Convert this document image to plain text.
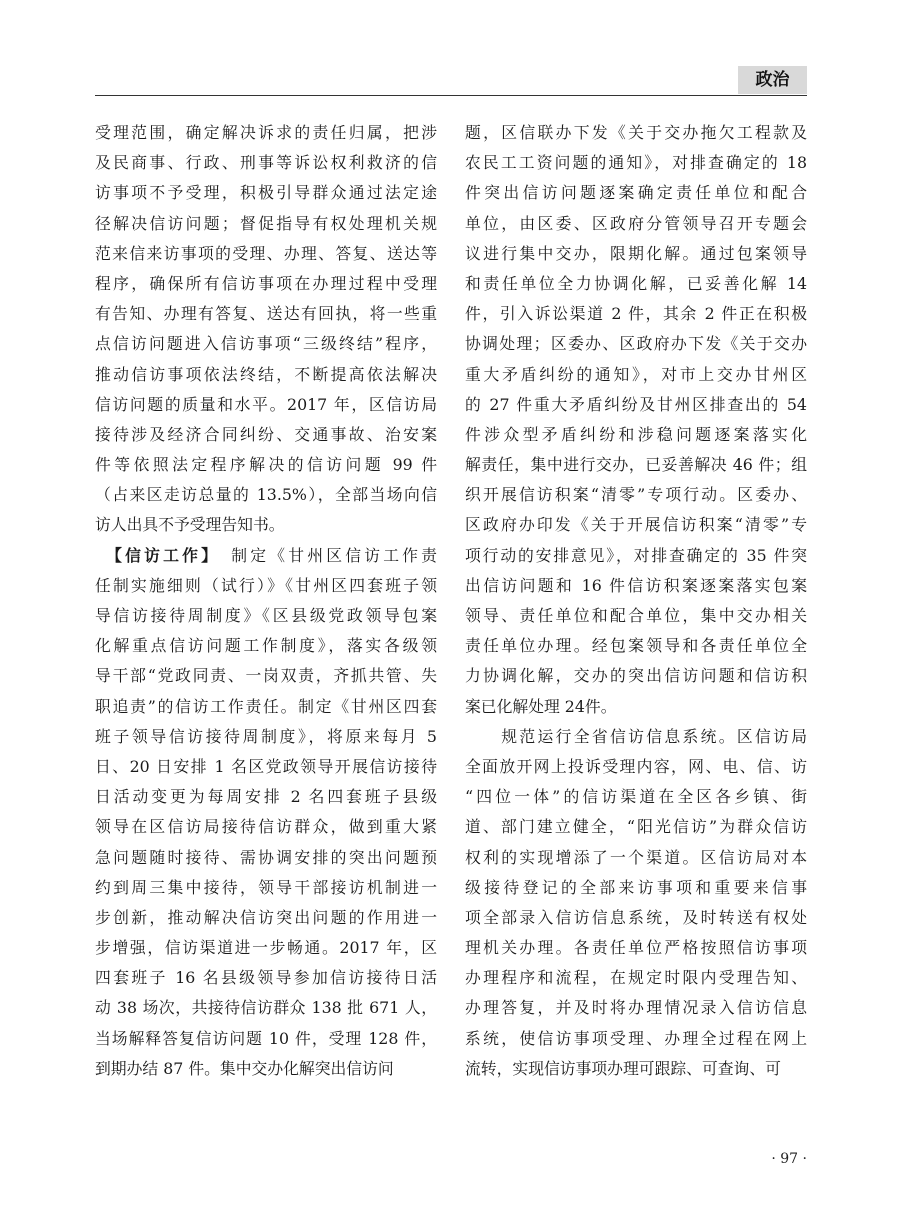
政治
受理范围，确定解决诉求的责任归属，把涉
及民商事、行政、刑事等诉讼权利救济的信
访事项不予受理，积极引导群众通过法定途
径解决信访问题；督促指导有权处理机关规
范来信来访事项的受理、办理、答复、送达等
程序，确保所有信访事项在办理过程中受理
有告知、办理有答复、送达有回执，将一些重
点信访问题进入信访事项“三级终结”程序，
推动信访事项依法终结，不断提高依法解决
信访问题的质量和水平。2017 年，区信访局
接待涉及经济合同纠纷、交通事故、治安案
件等依照法定程序解决的信访问题 99 件
（占来区走访总量的 13.5%），全部当场向信
访人出具不予受理告知书。
　【信访工作】　制定《甘州区信访工作责
任制实施细则（试行）》《甘州区四套班子领
导信访接待周制度》《区县级党政领导包案
化解重点信访问题工作制度》，落实各级领
导干部“党政同责、一岗双责，齐抓共管、失
职追责”的信访工作责任。制定《甘州区四套
班子领导信访接待周制度》，将原来每月 5
日、20 日安排 1 名区党政领导开展信访接待
日活动变更为每周安排 2 名四套班子县级
领导在区信访局接待信访群众，做到重大紧
急问题随时接待、需协调安排的突出问题预
约到周三集中接待，领导干部接访机制进一
步创新，推动解决信访突出问题的作用进一
步增强，信访渠道进一步畅通。2017 年，区
四套班子 16 名县级领导参加信访接待日活
动 38 场次，共接待信访群众 138 批 671 人，
当场解释答复信访问题 10 件，受理 128 件，
到期办结 87 件。集中交办化解突出信访问
题，区信联办下发《关于交办拖欠工程款及
农民工工资问题的通知》，对排查确定的 18
件突出信访问题逐案确定责任单位和配合
单位，由区委、区政府分管领导召开专题会
议进行集中交办，限期化解。通过包案领导
和责任单位全力协调化解，已妥善化解 14
件，引入诉讼渠道 2 件，其余 2 件正在积极
协调处理；区委办、区政府办下发《关于交办
重大矛盾纠纷的通知》，对市上交办甘州区
的 27 件重大矛盾纠纷及甘州区排查出的 54
件涉众型矛盾纠纷和涉稳问题逐案落实化
解责任，集中进行交办，已妥善解决 46 件；组
织开展信访积案“清零”专项行动。区委办、
区政府办印发《关于开展信访积案“清零”专
项行动的安排意见》，对排查确定的 35 件突
出信访问题和 16 件信访积案逐案落实包案
领导、责任单位和配合单位，集中交办相关
责任单位办理。经包案领导和各责任单位全
力协调化解，交办的突出信访问题和信访积
案已化解处理 24件。
　　规范运行全省信访信息系统。区信访局
全面放开网上投诉受理内容，网、电、信、访
“四位一体”的信访渠道在全区各乡镇、街
道、部门建立健全，“阳光信访”为群众信访
权利的实现增添了一个渠道。区信访局对本
级接待登记的全部来访事项和重要来信事
项全部录入信访信息系统，及时转送有权处
理机关办理。各责任单位严格按照信访事项
办理程序和流程，在规定时限内受理告知、
办理答复，并及时将办理情况录入信访信息
系统，使信访事项受理、办理全过程在网上
流转，实现信访事项办理可跟踪、可查询、可
· 97 ·
